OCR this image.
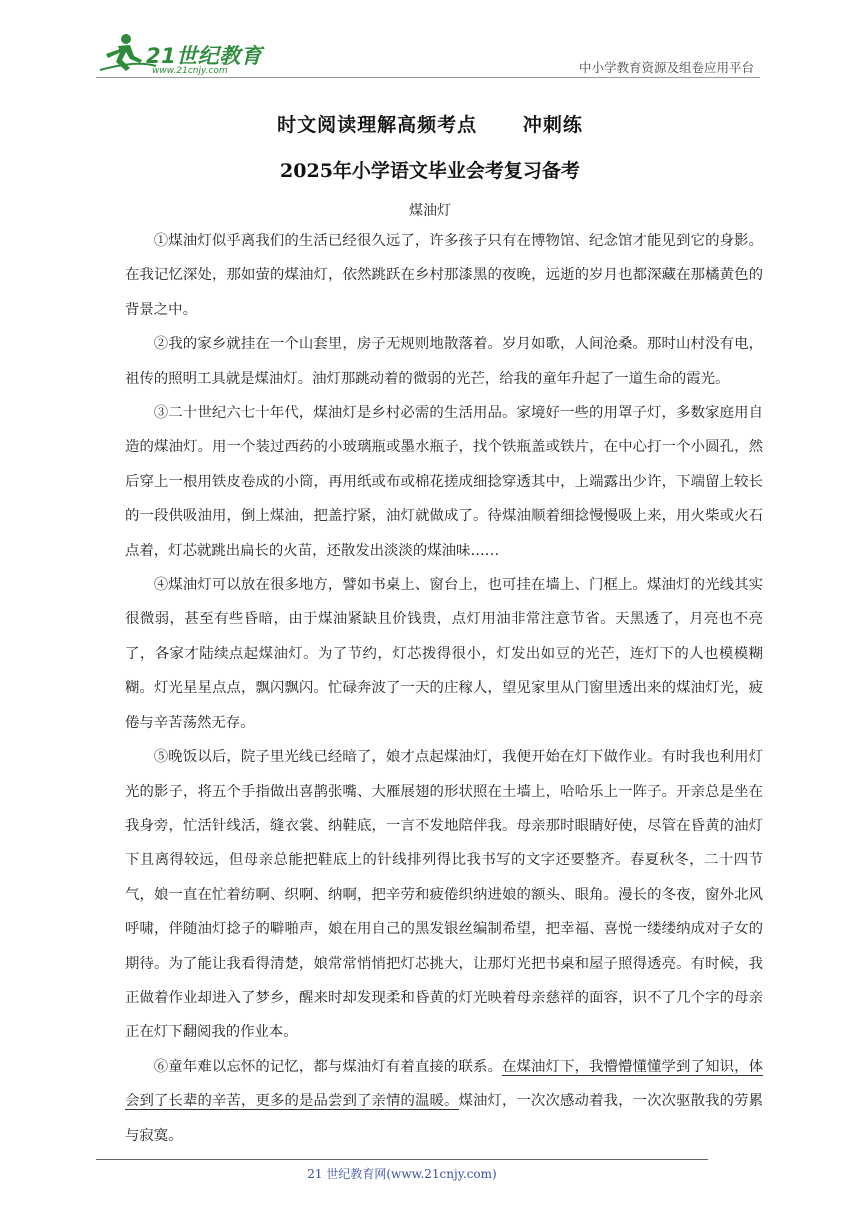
21世纪教育
www.21cnjy.com	中小学教育资源及组卷应用平台
时文阅读理解高频考点      冲刺练
2025年小学语文毕业会考复习备考
煤油灯

①煤油灯似乎离我们的生活已经很久远了，许多孩子只有在博物馆、纪念馆才能见到它的身影。在我记忆深处，那如萤的煤油灯，依然跳跃在乡村那漆黑的夜晚，远逝的岁月也都深藏在那橘黄色的背景之中。

②我的家乡就挂在一个山套里，房子无规则地散落着。岁月如歌，人间沧桑。那时山村没有电，祖传的照明工具就是煤油灯。油灯那跳动着的微弱的光芒，给我的童年升起了一道生命的霞光。

③二十世纪六七十年代，煤油灯是乡村必需的生活用品。家境好一些的用罩子灯，多数家庭用自造的煤油灯。用一个装过西药的小玻璃瓶或墨水瓶子，找个铁瓶盖或铁片，在中心打一个小圆孔，然后穿上一根用铁皮卷成的小筒，再用纸或布或棉花搓成细捻穿透其中，上端露出少许，下端留上较长的一段供吸油用，倒上煤油，把盖拧紧，油灯就做成了。待煤油顺着细捻慢慢吸上来，用火柴或火石点着，灯芯就跳出扁长的火苗，还散发出淡淡的煤油味……

④煤油灯可以放在很多地方，譬如书桌上、窗台上，也可挂在墙上、门框上。煤油灯的光线其实很微弱，甚至有些昏暗，由于煤油紧缺且价钱贵，点灯用油非常注意节省。天黑透了，月亮也不亮了，各家才陆续点起煤油灯。为了节约，灯芯拨得很小，灯发出如豆的光芒，连灯下的人也模模糊糊。灯光星星点点，飘闪飘闪。忙碌奔波了一天的庄稼人，望见家里从门窗里透出来的煤油灯光，疲倦与辛苦荡然无存。

⑤晚饭以后，院子里光线已经暗了，娘才点起煤油灯，我便开始在灯下做作业。有时我也利用灯光的影子，将五个手指做出喜鹊张嘴、大雁展翅的形状照在土墙上，哈哈乐上一阵子。开亲总是坐在我身旁，忙活针线活，缝衣裳、纳鞋底，一言不发地陪伴我。母亲那时眼睛好使，尽管在昏黄的油灯下且离得较远，但母亲总能把鞋底上的针线排列得比我书写的文字还要整齐。春夏秋冬，二十四节气，娘一直在忙着纺啊、织啊、纳啊，把辛劳和疲倦织纳进娘的额头、眼角。漫长的冬夜，窗外北风呼啸，伴随油灯捻子的噼啪声，娘在用自己的黑发银丝编制希望，把幸福、喜悦一缕缕纳成对子女的期待。为了能让我看得清楚，娘常常悄悄把灯芯挑大，让那灯光把书桌和屋子照得透亮。有时候，我正做着作业却进入了梦乡，醒来时却发现柔和昏黄的灯光映着母亲慈祥的面容，识不了几个字的母亲正在灯下翻阅我的作业本。

⑥童年难以忘怀的记忆，都与煤油灯有着直接的联系。在煤油灯下，我懵懵懂懂学到了知识，体会到了长辈的辛苦，更多的是品尝到了亲情的温暖。煤油灯，一次次感动着我，一次次驱散我的劳累与寂寞。

21 世纪教育网(www.21cnjy.com)
